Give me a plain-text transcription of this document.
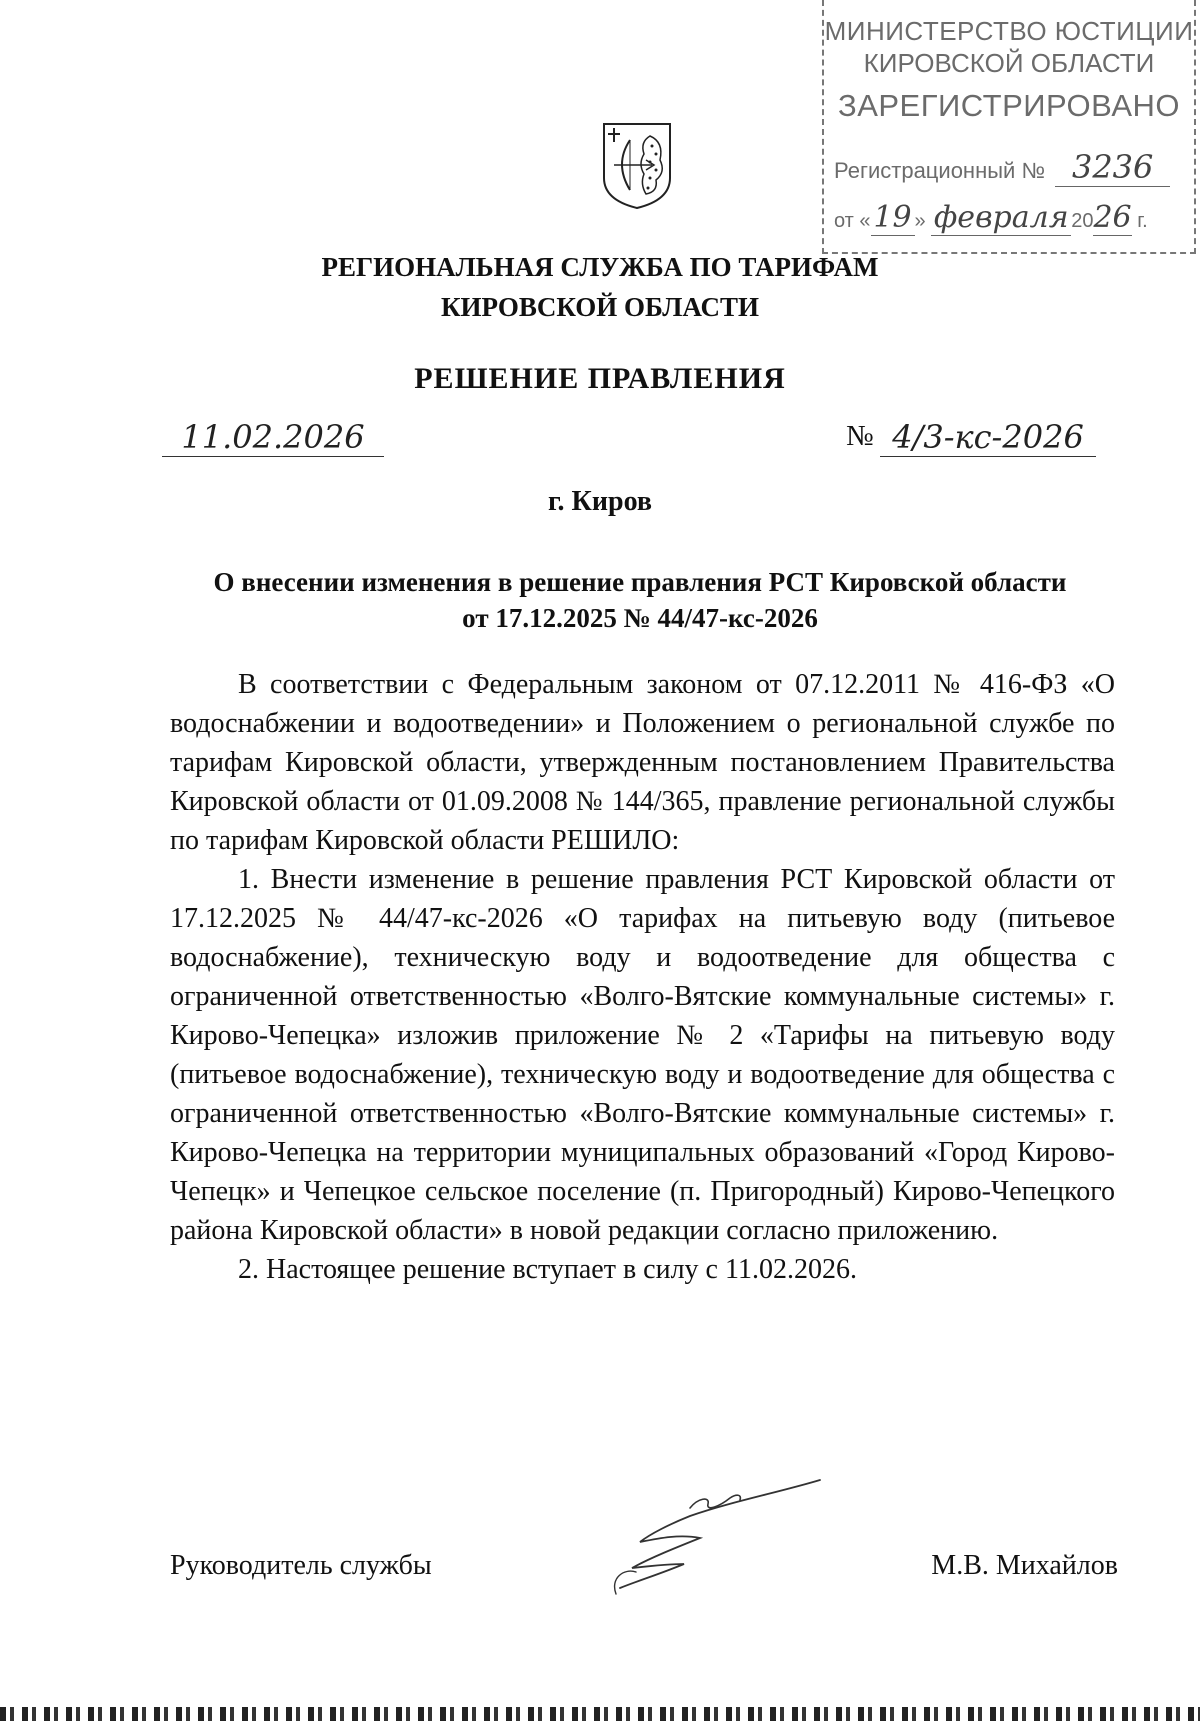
МИНИСТЕРСТВО ЮСТИЦИИ
КИРОВСКОЙ ОБЛАСТИ
ЗАРЕГИСТРИРОВАНО
Регистрационный № 3236
от «19 » февраля 2026 г.
РЕГИОНАЛЬНАЯ СЛУЖБА ПО ТАРИФАМ
КИРОВСКОЙ ОБЛАСТИ
РЕШЕНИЕ ПРАВЛЕНИЯ
11.02.2026	№ 4/3-кс-2026
г. Киров
О внесении изменения в решение правления РСТ Кировской области от 17.12.2025 № 44/47-кс-2026

В соответствии с Федеральным законом от 07.12.2011 № 416-ФЗ «О водоснабжении и водоотведении» и Положением о региональной службе по тарифам Кировской области, утвержденным постановлением Правительства Кировской области от 01.09.2008 № 144/365, правление региональной службы по тарифам Кировской области РЕШИЛО:

1. Внести изменение в решение правления РСТ Кировской области от 17.12.2025 № 44/47-кс-2026 «О тарифах на питьевую воду (питьевое водоснабжение), техническую воду и водоотведение для общества с ограниченной ответственностью «Волго-Вятские коммунальные системы» г. Кирово-Чепецка» изложив приложение № 2 «Тарифы на питьевую воду (питьевое водоснабжение), техническую воду и водоотведение для общества с ограниченной ответственностью «Волго-Вятские коммунальные системы» г. Кирово-Чепецка на территории муниципальных образований «Город Кирово-Чепецк» и Чепецкое сельское поселение (п. Пригородный) Кирово-Чепецкого района Кировской области» в новой редакции согласно приложению.

2. Настоящее решение вступает в силу с 11.02.2026.

Руководитель службы	М.В. Михайлов
